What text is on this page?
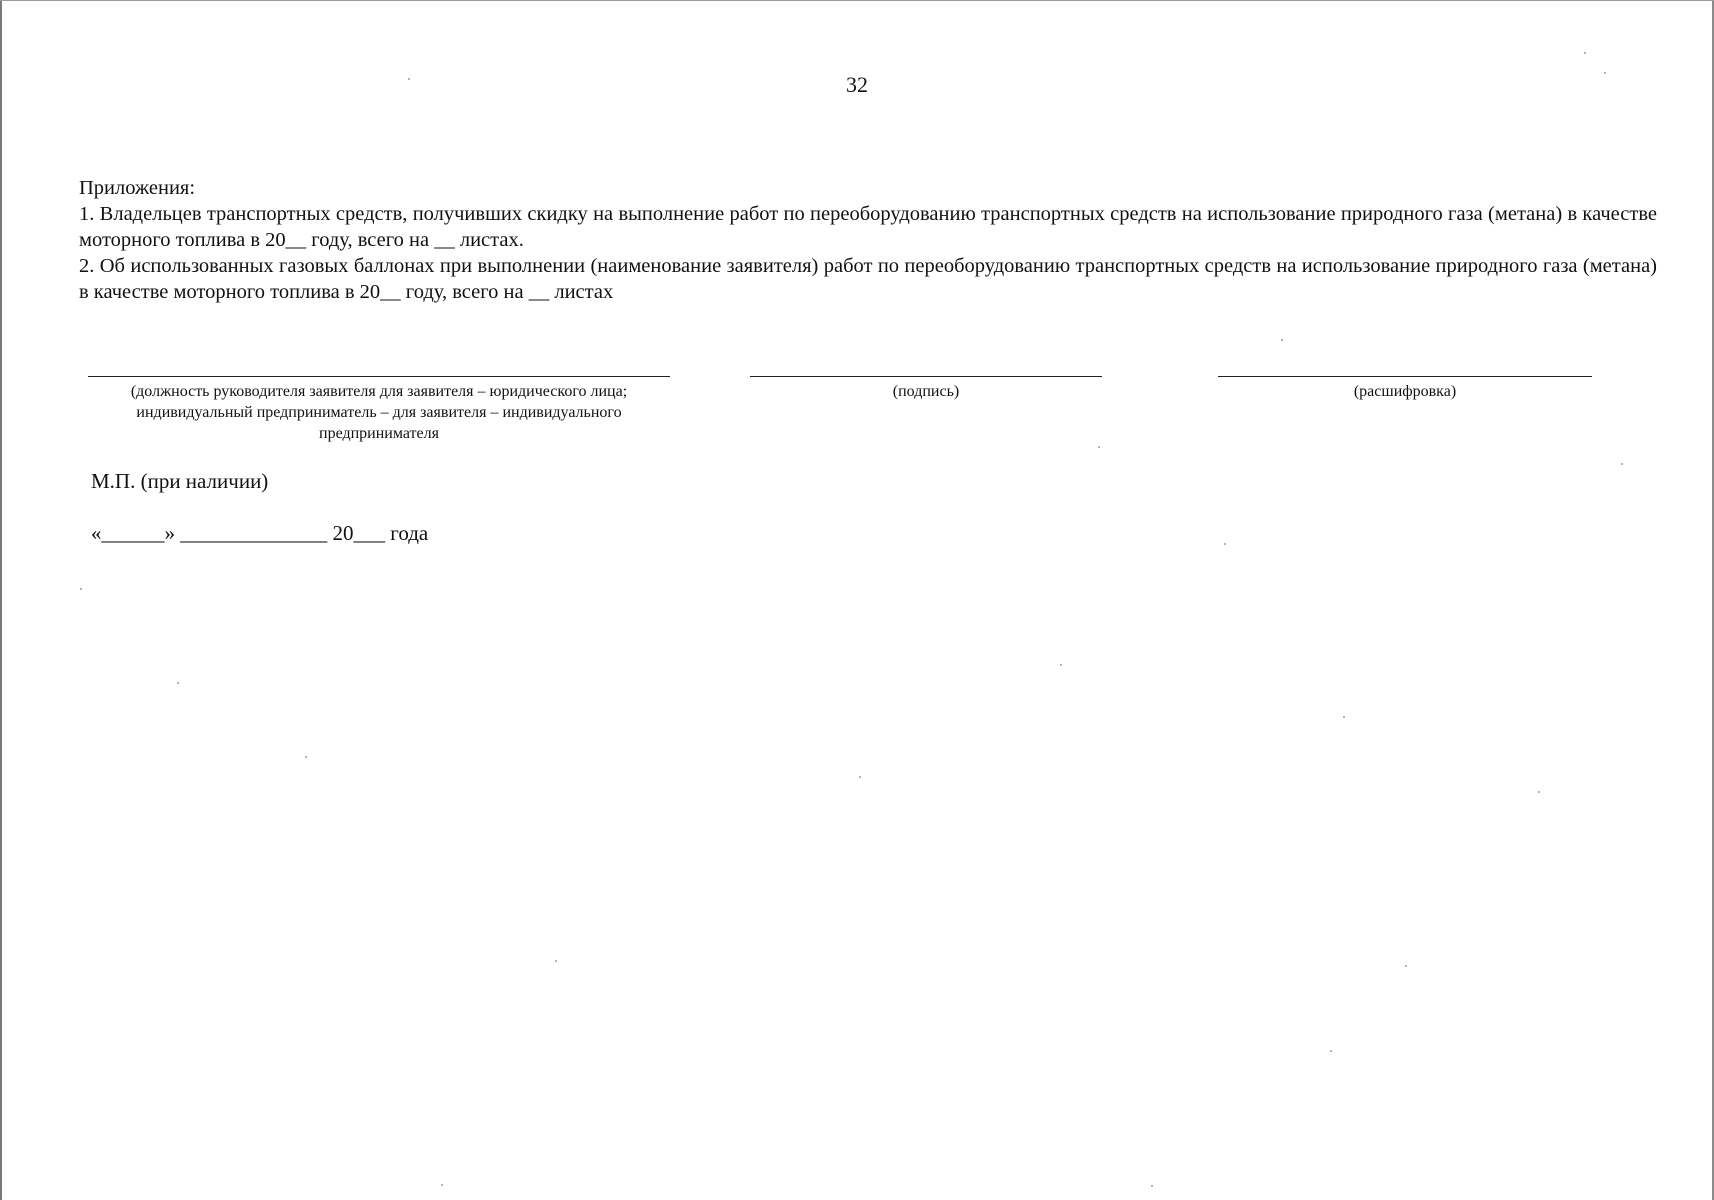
32

Приложения:

1. Владельцев транспортных средств, получивших скидку на выполнение работ по переоборудованию транспортных средств на использование природного газа (метана) в качестве моторного топлива в 20__ году, всего на __ листах.

2. Об использованных газовых баллонах при выполнении (наименование заявителя) работ по переоборудованию транспортных средств на использование природного газа (метана) в качестве моторного топлива в 20__ году, всего на __ листах

(должность руководителя заявителя для заявителя – юридического лица; индивидуальный предприниматель – для заявителя – индивидуального предпринимателя
(подпись)	(расшифровка)
М.П. (при наличии)
«______» ______________ 20___ года
